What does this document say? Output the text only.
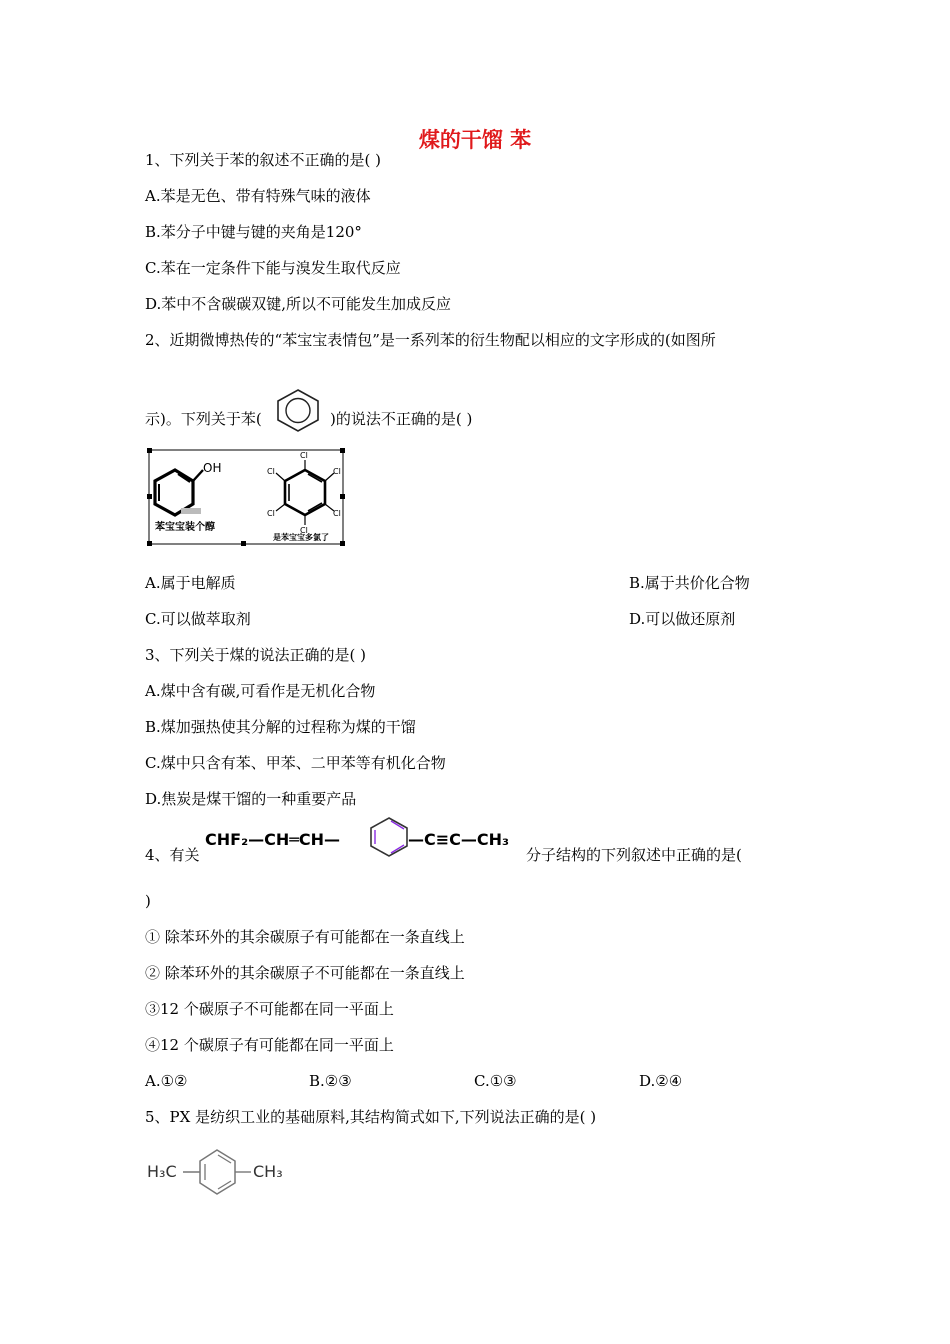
煤的干馏 苯
1、下列关于苯的叙述不正确的是( )
A.苯是无色、带有特殊气味的液体
B.苯分子中键与键的夹角是120°
C.苯在一定条件下能与溴发生取代反应
D.苯中不含碳碳双键,所以不可能发生加成反应
2、近期微博热传的“苯宝宝表情包”是一系列苯的衍生物配以相应的文字形成的(如图所
示)。下列关于苯(	)的说法不正确的是( )
OH
苯宝宝装个醇
Cl
Cl
Cl
Cl
Cl
Cl
是苯宝宝多氯了
A.属于电解质	B.属于共价化合物
C.可以做萃取剂	D.可以做还原剂
3、下列关于煤的说法正确的是( )
A.煤中含有碳,可看作是无机化合物
B.煤加强热使其分解的过程称为煤的干馏
C.煤中只含有苯、甲苯、二甲苯等有机化合物
D.焦炭是煤干馏的一种重要产品
4、有关
CHF₂—CH═CH—	—C≡C—CH₃
分子结构的下列叙述中正确的是(
)
① 除苯环外的其余碳原子有可能都在一条直线上
② 除苯环外的其余碳原子不可能都在一条直线上
③12 个碳原子不可能都在同一平面上
④12 个碳原子有可能都在同一平面上
A.①②	B.②③	C.①③	D.②④
5、PX 是纺织工业的基础原料,其结构简式如下,下列说法正确的是( )
H₃C	CH₃
